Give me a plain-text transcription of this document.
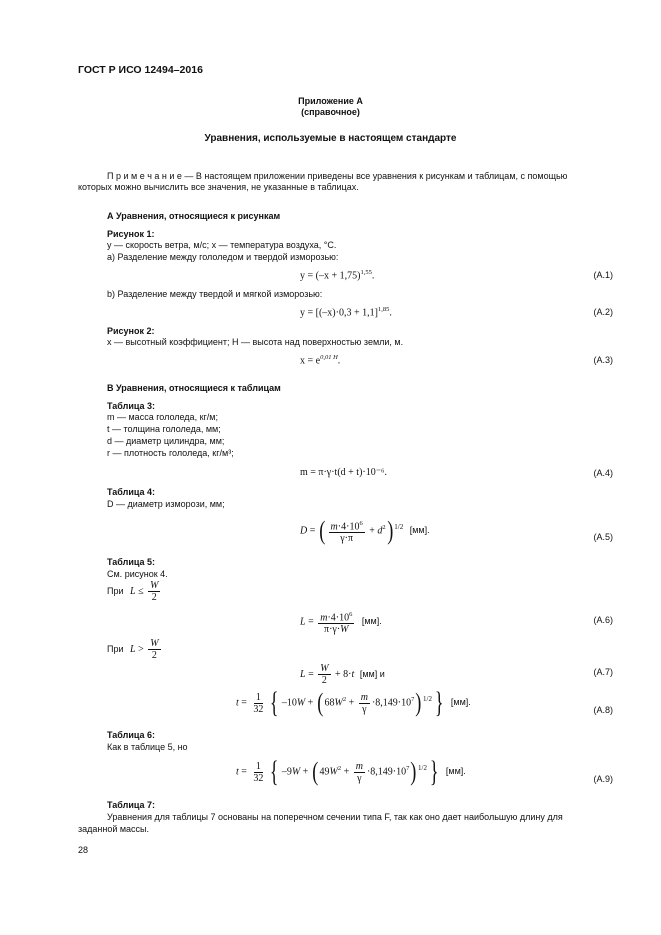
ГОСТ Р ИСО 12494–2016
Приложение А
(справочное)
Уравнения, используемые в настоящем стандарте
П р и м е ч а н и е — В настоящем приложении приведены все уравнения к рисункам и таблицам, с помощью
которых можно вычислить все значения, не указанные в таблицах.
А Уравнения, относящиеся к рисункам
Рисунок 1:
y — скорость ветра, м/с; x — температура воздуха, °C.
а) Разделение между гололедом и твердой изморозью:
$y = (-x + 1,75)^{1,55}$.	(A.1)
b) Разделение между твердой и мягкой изморозью:
$y = [(-x)\cdot 0,3 + 1,1]^{1,85}$.	(A.2)
Рисунок 2:
x — высотный коэффициент; H — высота над поверхностью земли, м.
$x = e^{0,01 H}$.	(A.3)
В Уравнения, относящиеся к таблицам
Таблица 3:
m — масса гололеда, кг/м;
t — толщина гололеда, мм;
d — диаметр цилиндра, мм;
r — плотность гололеда, кг/м³;
m = π·γ·t(d + t)·10⁻⁶.	(A.4)
Таблица 4:
D — диаметр изморози, мм;
D = ( $\frac{m\cdot 4\cdot 10^6}{\gamma\cdot\pi} + d^2)^{1/2}$ [мм].
(A.5)
Таблица 5:
См. рисунок 4.
При $L \le \frac{W}{2}$
$L = \frac{m\cdot 4\cdot 10^6}{\pi\cdot\gamma\cdot W} [мм]$.	(A.6)
При $L > \frac{W}{2}$
$L = \frac{W}{2} + 8\cdot t$ [мм] и	(A.7)
$t = \frac{1}{32}$ { $-10W + (68W^2 + \frac{m}{\gamma} \cdot 8,149\cdot 10^7)^{1/2}$} [мм].
(A.8)
Таблица 6:
Как в таблице 5, но
$t = \frac{1}{32}$ { $-9W + (49W^2 + \frac{m}{\gamma} \cdot 8,149\cdot 10^7)^{1/2}$} [мм].
(A.9)
Таблица 7:
Уравнения для таблицы 7 основаны на поперечном сечении типа F, так как оно дает наибольшую длину для
заданной массы.
28
